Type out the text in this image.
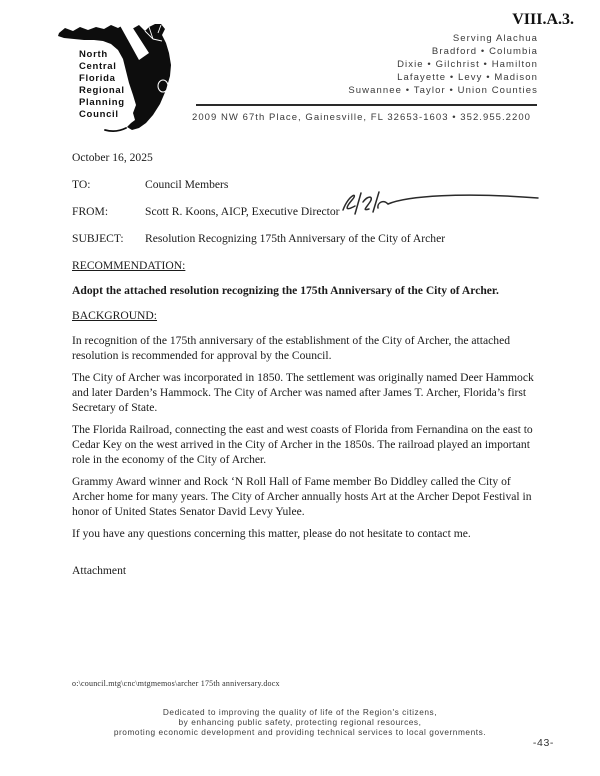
North
Central
Florida
Regional
Planning
Council
VIII.A.3.
Serving Alachua
Bradford • Columbia
Dixie • Gilchrist • Hamilton
Lafayette • Levy • Madison
Suwannee • Taylor • Union Counties
2009 NW 67th Place, Gainesville, FL 32653-1603 • 352.955.2200
October 16, 2025
TO:	Council Members
FROM:	Scott R. Koons, AICP, Executive Director
SUBJECT:	Resolution Recognizing 175th Anniversary of the City of Archer
RECOMMENDATION:
Adopt the attached resolution recognizing the 175th Anniversary of the City of Archer.
BACKGROUND:

In recognition of the 175th anniversary of the establishment of the City of Archer, the attached resolution is recommended for approval by the Council.

The City of Archer was incorporated in 1850. The settlement was originally named Deer Hammock and later Darden’s Hammock. The City of Archer was named after James T. Archer, Florida’s first Secretary of State.

The Florida Railroad, connecting the east and west coasts of Florida from Fernandina on the east to Cedar Key on the west arrived in the City of Archer in the 1850s. The railroad played an important role in the economy of the City of Archer.

Grammy Award winner and Rock ‘N Roll Hall of Fame member Bo Diddley called the City of Archer home for many years. The City of Archer annually hosts Art at the Archer Depot Festival in honor of United States Senator David Levy Yulee.

If you have any questions concerning this matter, please do not hesitate to contact me.

Attachment
o:\council.mtg\cnc\mtgmemos\archer 175th anniversary.docx
Dedicated to improving the quality of life of the Region's citizens,
by enhancing public safety, protecting regional resources,
promoting economic development and providing technical services to local governments.
-43-
